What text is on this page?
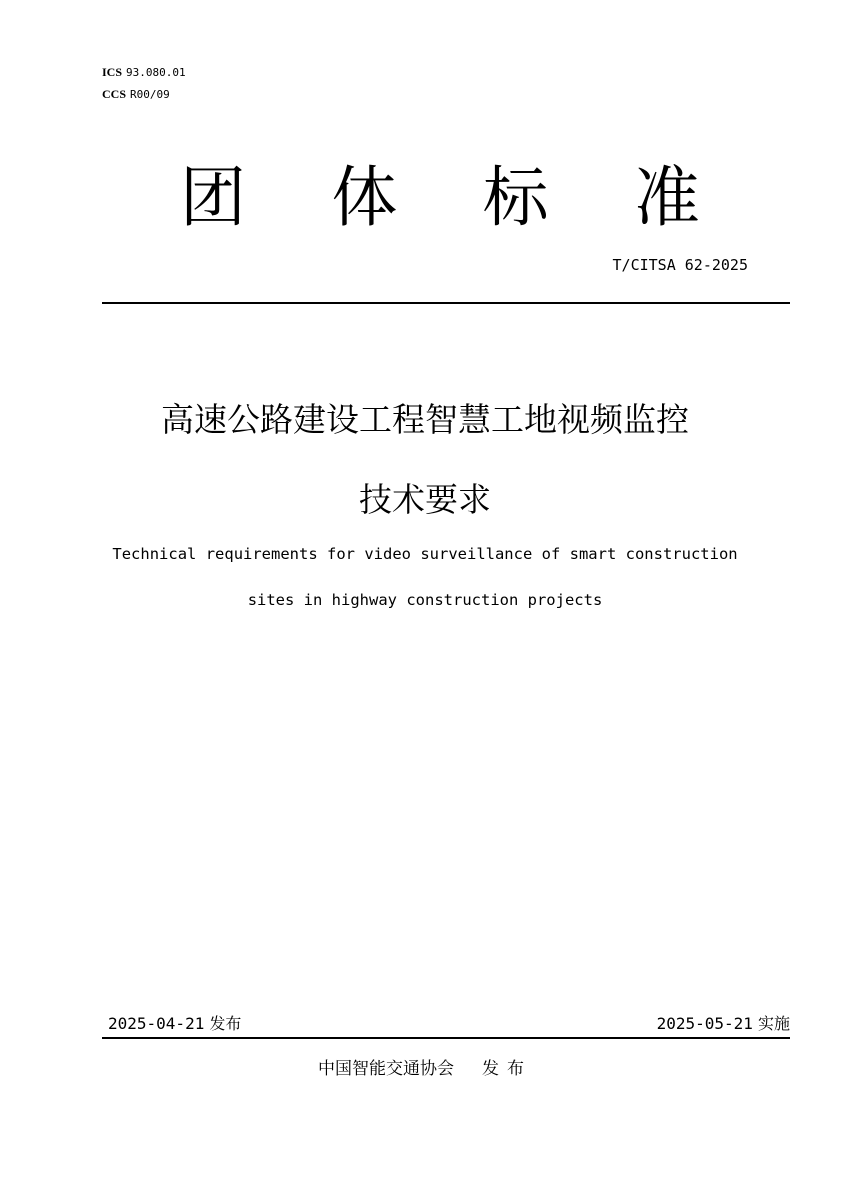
ICS 93.080.01
CCS R00/09
团 体 标 准
T/CITSA 62-2025
高速公路建设工程智慧工地视频监控
技术要求
Technical requirements for video surveillance of smart construction
sites in highway construction projects
2025-04-21 发布	2025-05-21 实施
中国智能交通协会 发布
